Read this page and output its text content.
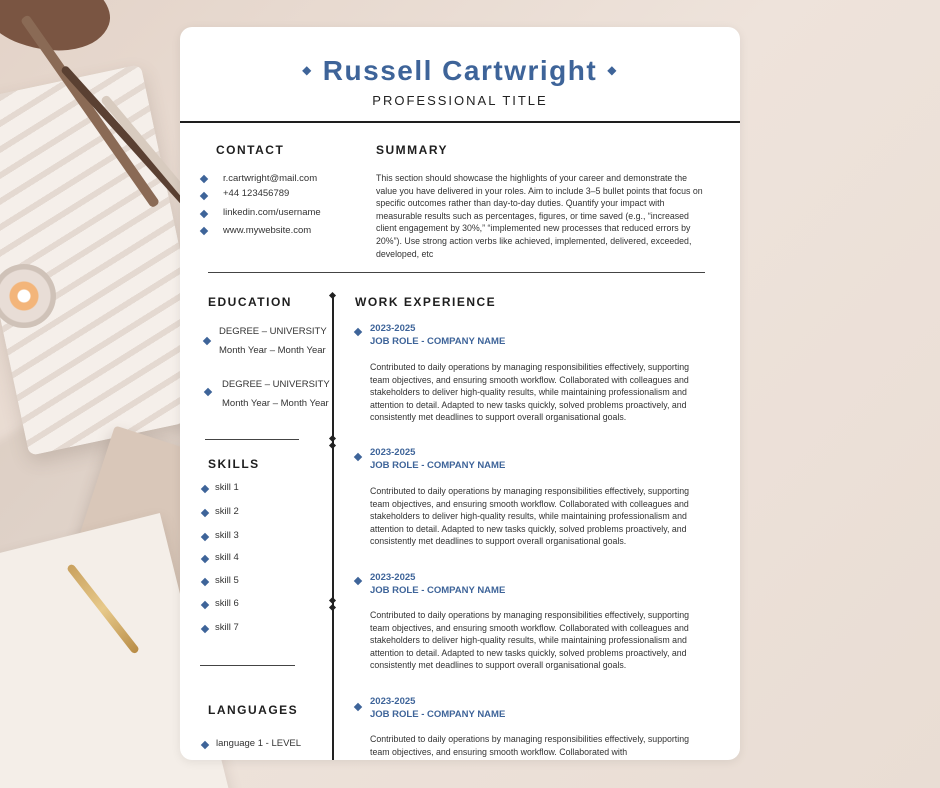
◆ Russell Cartwright ◆
PROFESSIONAL TITLE
CONTACT
r.cartwright@mail.com
+44 123456789
linkedin.com/username
www.mywebsite.com
SUMMARY
This section should showcase the highlights of your career and demonstrate the value you have delivered in your roles. Aim to include 3–5 bullet points that focus on specific outcomes rather than day-to-day duties. Quantify your impact with measurable results such as percentages, figures, or time saved (e.g., “increased client engagement by 30%,” “implemented new processes that reduced errors by 20%”). Use strong action verbs like achieved, implemented, delivered, exceeded, developed, etc
EDUCATION
DEGREE – UNIVERSITY
Month Year – Month Year
DEGREE – UNIVERSITY
Month Year – Month Year
SKILLS
skill 1
skill 2
skill 3
skill 4
skill 5
skill 6
skill 7
LANGUAGES
language 1 - LEVEL
WORK EXPERIENCE
2023-2025
JOB ROLE - COMPANY NAME
Contributed to daily operations by managing responsibilities effectively, supporting team objectives, and ensuring smooth workflow. Collaborated with colleagues and stakeholders to deliver high-quality results, while maintaining professionalism and attention to detail. Adapted to new tasks quickly, solved problems proactively, and consistently met deadlines to support overall organisational goals.
2023-2025
JOB ROLE - COMPANY NAME
Contributed to daily operations by managing responsibilities effectively, supporting team objectives, and ensuring smooth workflow. Collaborated with colleagues and stakeholders to deliver high-quality results, while maintaining professionalism and attention to detail. Adapted to new tasks quickly, solved problems proactively, and consistently met deadlines to support overall organisational goals.
2023-2025
JOB ROLE - COMPANY NAME
Contributed to daily operations by managing responsibilities effectively, supporting team objectives, and ensuring smooth workflow. Collaborated with colleagues and stakeholders to deliver high-quality results, while maintaining professionalism and attention to detail. Adapted to new tasks quickly, solved problems proactively, and consistently met deadlines to support overall organisational goals.
2023-2025
JOB ROLE - COMPANY NAME
Contributed to daily operations by managing responsibilities effectively, supporting team objectives, and ensuring smooth workflow. Collaborated with
